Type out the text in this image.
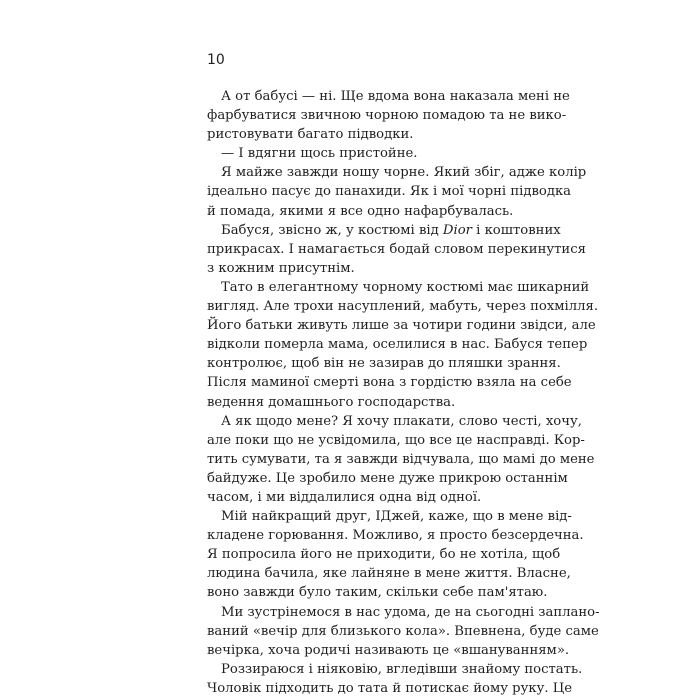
10
А от бабусі — ні. Ще вдома вона наказала мені не
фарбуватися звичною чорною помадою та не вико-
ристовувати багато підводки.
— І вдягни щось пристойне.
Я майже завжди ношу чорне. Який збіг, адже колір
ідеально пасує до панахиди. Як і мої чорні підводка
й помада, якими я все одно нафарбувалась.
Бабуся, звісно ж, у костюмі від Dior і коштовних
прикрасах. І намагається бодай словом перекинутися
з кожним присутнім.
Тато в елегантному чорному костюмі має шикарний
вигляд. Але трохи насуплений, мабуть, через похмілля.
Його батьки живуть лише за чотири години звідси, але
відколи померла мама, оселилися в нас. Бабуся тепер
контролює, щоб він не зазирав до пляшки зрання.
Після маминої смерті вона з гордістю взяла на себе
ведення домашнього господарства.
А як щодо мене? Я хочу плакати, слово честі, хочу,
але поки що не усвідомила, що все це насправді. Кор-
тить сумувати, та я завжди відчувала, що мамі до мене
байдуже. Це зробило мене дуже прикрою останнім
часом, і ми віддалилися одна від одної.
Мій найкращий друг, ІДжей, каже, що в мене від-
кладене горювання. Можливо, я просто безсердечна.
Я попросила його не приходити, бо не хотіла, щоб
людина бачила, яке лайняне в мене життя. Власне,
воно завжди було таким, скільки себе пам'ятаю.
Ми зустрінемося в нас удома, де на сьогодні заплано-
ваний «вечір для близького кола». Впевнена, буде саме
вечірка, хоча родичі називають це «вшануванням».
Роззираюся і ніяковію, вгледівши знайому постать.
Чоловік підходить до тата й потискає йому руку. Це
